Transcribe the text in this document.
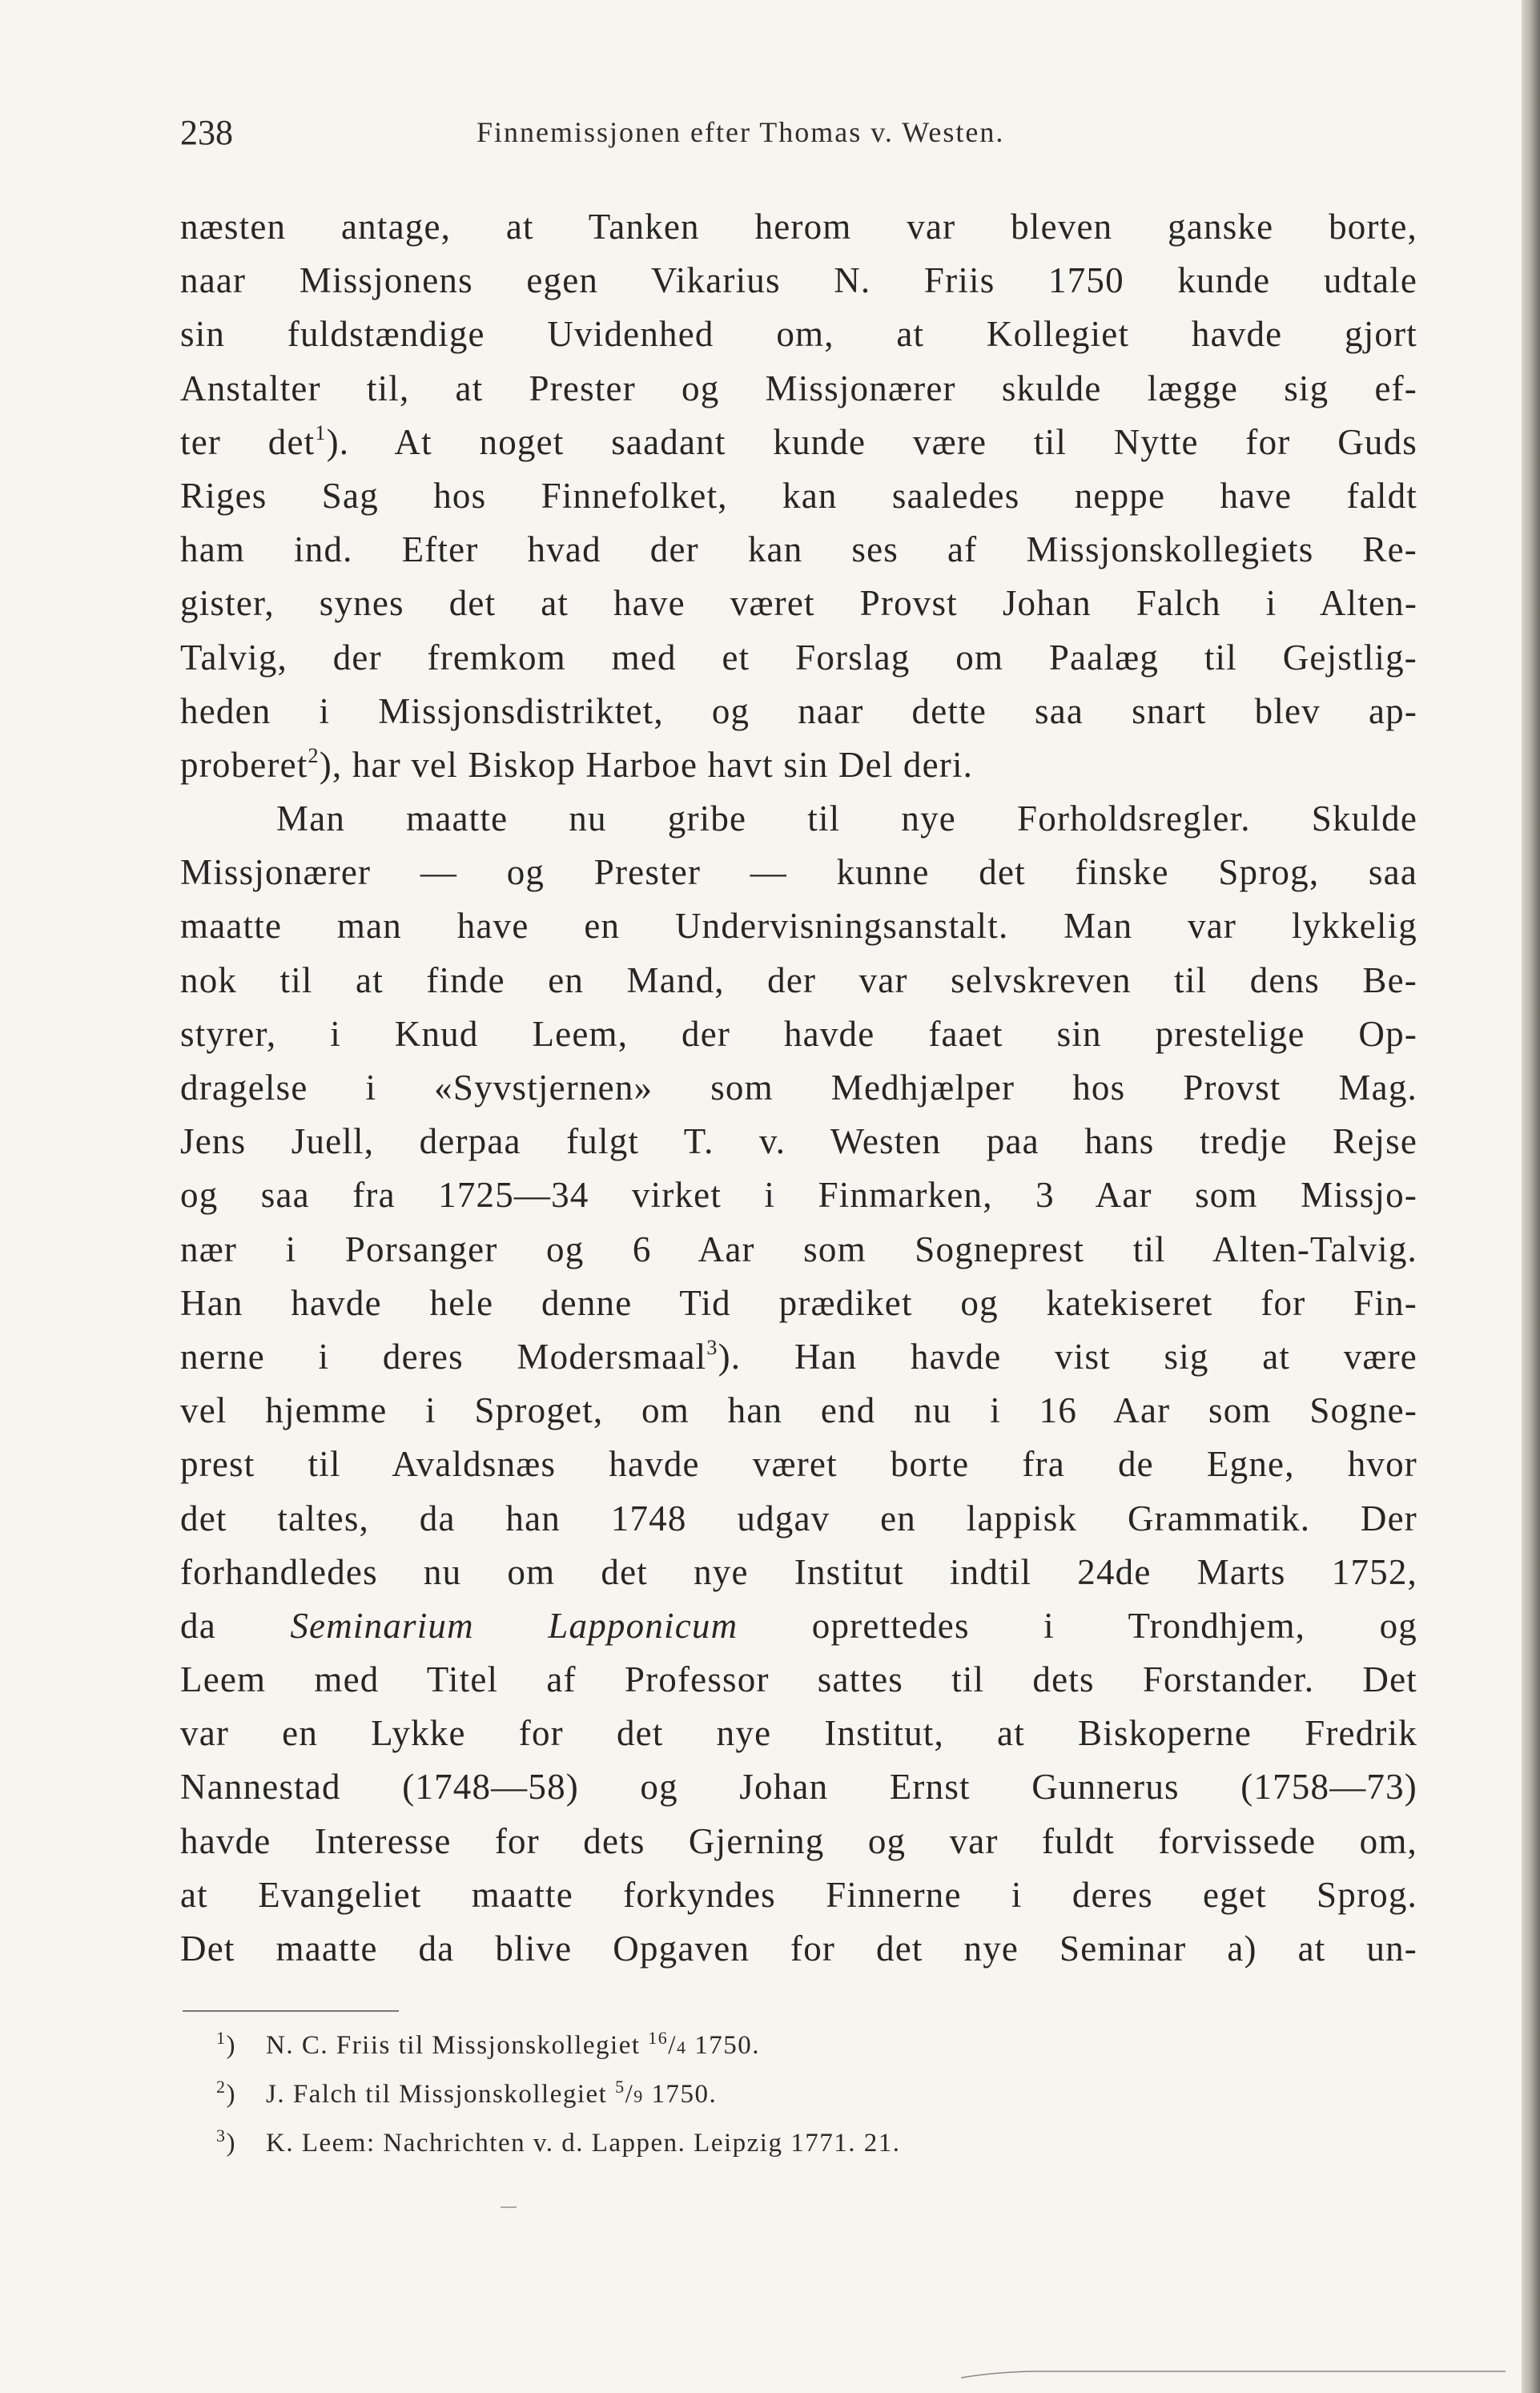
238	Finnemissjonen efter Thomas v. Westen.
næsten antage, at Tanken herom var bleven ganske borte,
naar Missjonens egen Vikarius N. Friis 1750 kunde udtale
sin fuldstændige Uvidenhed om, at Kollegiet havde gjort
Anstalter til, at Prester og Missjonærer skulde lægge sig ef-
ter $\det^1$). At noget saadant kunde være til Nytte for Guds
Riges Sag hos Finnefolket, kan saaledes neppe have faldt
ham ind. Efter hvad der kan ses af Missjonskollegiets Re-
gister, synes det at have været Provst Johan Falch i Alten-
Talvig, der fremkom med et Forslag om Paalæg til Gejstlig-
heden i Missjonsdistriktet, og naar dette saa snart blev ap-
proberet$^2$), har vel Biskop Harboe havt sin Del deri.
Man maatte nu gribe til nye Forholdsregler. Skulde
Missjonærer — og Prester — kunne det finske Sprog, saa
maatte man have en Undervisningsanstalt. Man var lykkelig
nok til at finde en Mand, der var selvskreven til dens Be-
styrer, i Knud Leem, der havde faaet sin prestelige Op-
dragelse i «Syvstjernen» som Medhjælper hos Provst Mag.
Jens Juell, derpaa fulgt T. v. Westen paa hans tredje Rejse
og saa fra 1725—34 virket i Finmarken, 3 Aar som Missjo-
nær i Porsanger og 6 Aar som Sogneprest til Alten-Talvig.
Han havde hele denne Tid prædiket og katekiseret for Fin-
nerne i deres Modersmaal$^3$). Han havde vist sig at være
vel hjemme i Sproget, om han end nu i 16 Aar som Sogne-
prest til Avaldsnæs havde været borte fra de Egne, hvor
det taltes, da han 1748 udgav en lappisk Grammatik. Der
forhandledes nu om det nye Institut indtil 24de Marts 1752,
da Seminarium Lapponicum oprettedes i Trondhjem, og
Leem med Titel af Professor sattes til dets Forstander. Det
var en Lykke for det nye Institut, at Biskoperne Fredrik
Nannestad (1748—58) og Johan Ernst Gunnerus (1758—73)
havde Interesse for dets Gjerning og var fuldt forvissede om,
at Evangeliet maatte forkyndes Finnerne i deres eget Sprog.
Det maatte da blive Opgaven for det nye Seminar a) at un-
$^1$) N. C. Friis til Missjonskollegiet $^{16}$/4 1750.
$^2$) J. Falch til Missjonskollegiet $^5$/9 1750.
$^3$) K. Leem: Nachrichten v. d. Lappen. Leipzig 1771. 21.
